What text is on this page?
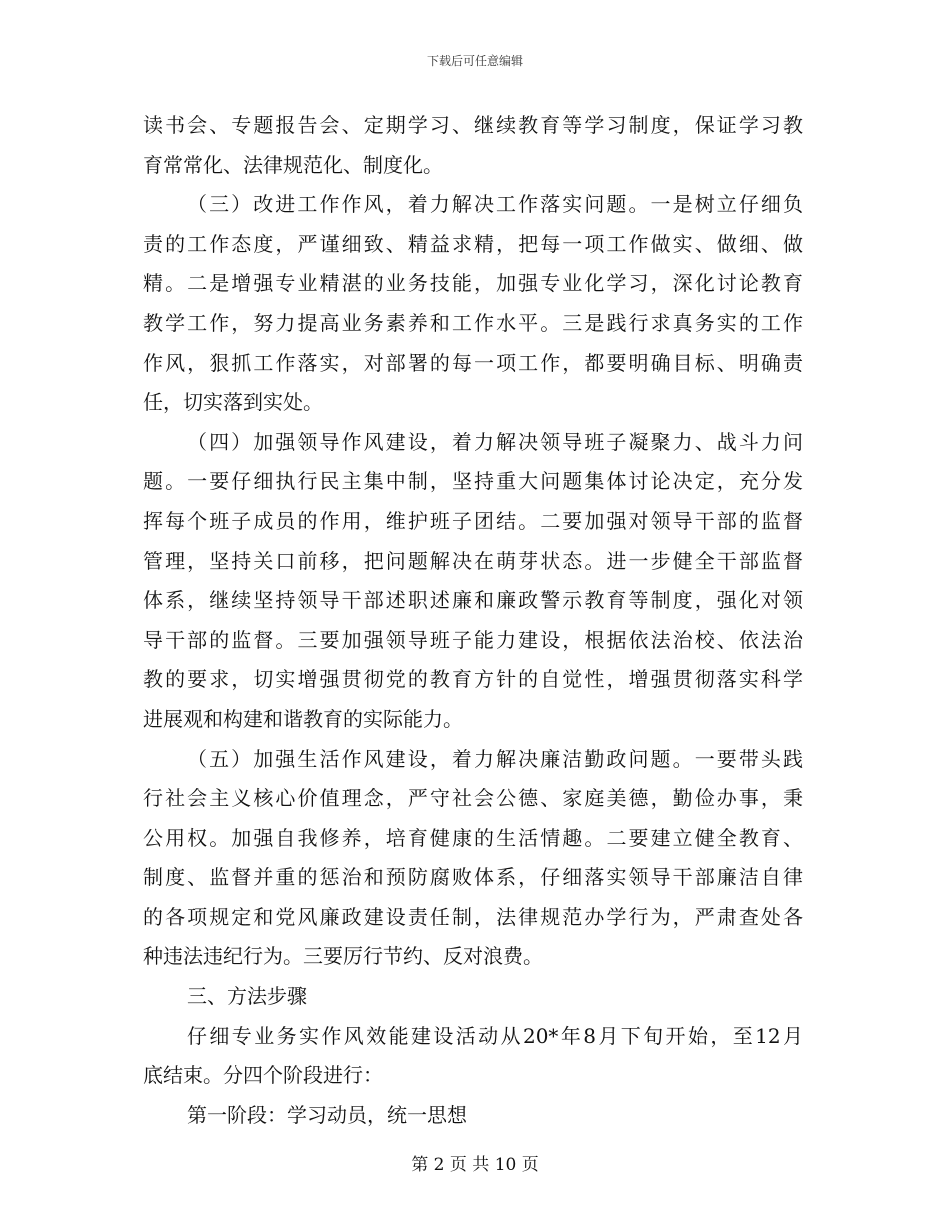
下载后可任意编辑
读书会、专题报告会、定期学习、继续教育等学习制度，保证学习教
育常常化、法律规范化、制度化。
（三）改进工作作风，着力解决工作落实问题。一是树立仔细负
责的工作态度，严谨细致、精益求精，把每一项工作做实、做细、做
精。二是增强专业精湛的业务技能，加强专业化学习，深化讨论教育
教学工作，努力提高业务素养和工作水平。三是践行求真务实的工作
作风，狠抓工作落实，对部署的每一项工作，都要明确目标、明确责
任，切实落到实处。
（四）加强领导作风建设，着力解决领导班子凝聚力、战斗力问
题。一要仔细执行民主集中制，坚持重大问题集体讨论决定，充分发
挥每个班子成员的作用，维护班子团结。二要加强对领导干部的监督
管理，坚持关口前移，把问题解决在萌芽状态。进一步健全干部监督
体系，继续坚持领导干部述职述廉和廉政警示教育等制度，强化对领
导干部的监督。三要加强领导班子能力建设，根据依法治校、依法治
教的要求，切实增强贯彻党的教育方针的自觉性，增强贯彻落实科学
进展观和构建和谐教育的实际能力。
（五）加强生活作风建设，着力解决廉洁勤政问题。一要带头践
行社会主义核心价值理念，严守社会公德、家庭美德，勤俭办事，秉
公用权。加强自我修养，培育健康的生活情趣。二要建立健全教育、
制度、监督并重的惩治和预防腐败体系，仔细落实领导干部廉洁自律
的各项规定和党风廉政建设责任制，法律规范办学行为，严肃查处各
种违法违纪行为。三要厉行节约、反对浪费。
三、方法步骤
仔细专业务实作风效能建设活动从20*年8月下旬开始，至12月
底结束。分四个阶段进行：
第一阶段：学习动员，统一思想
第 2 页 共 10 页
